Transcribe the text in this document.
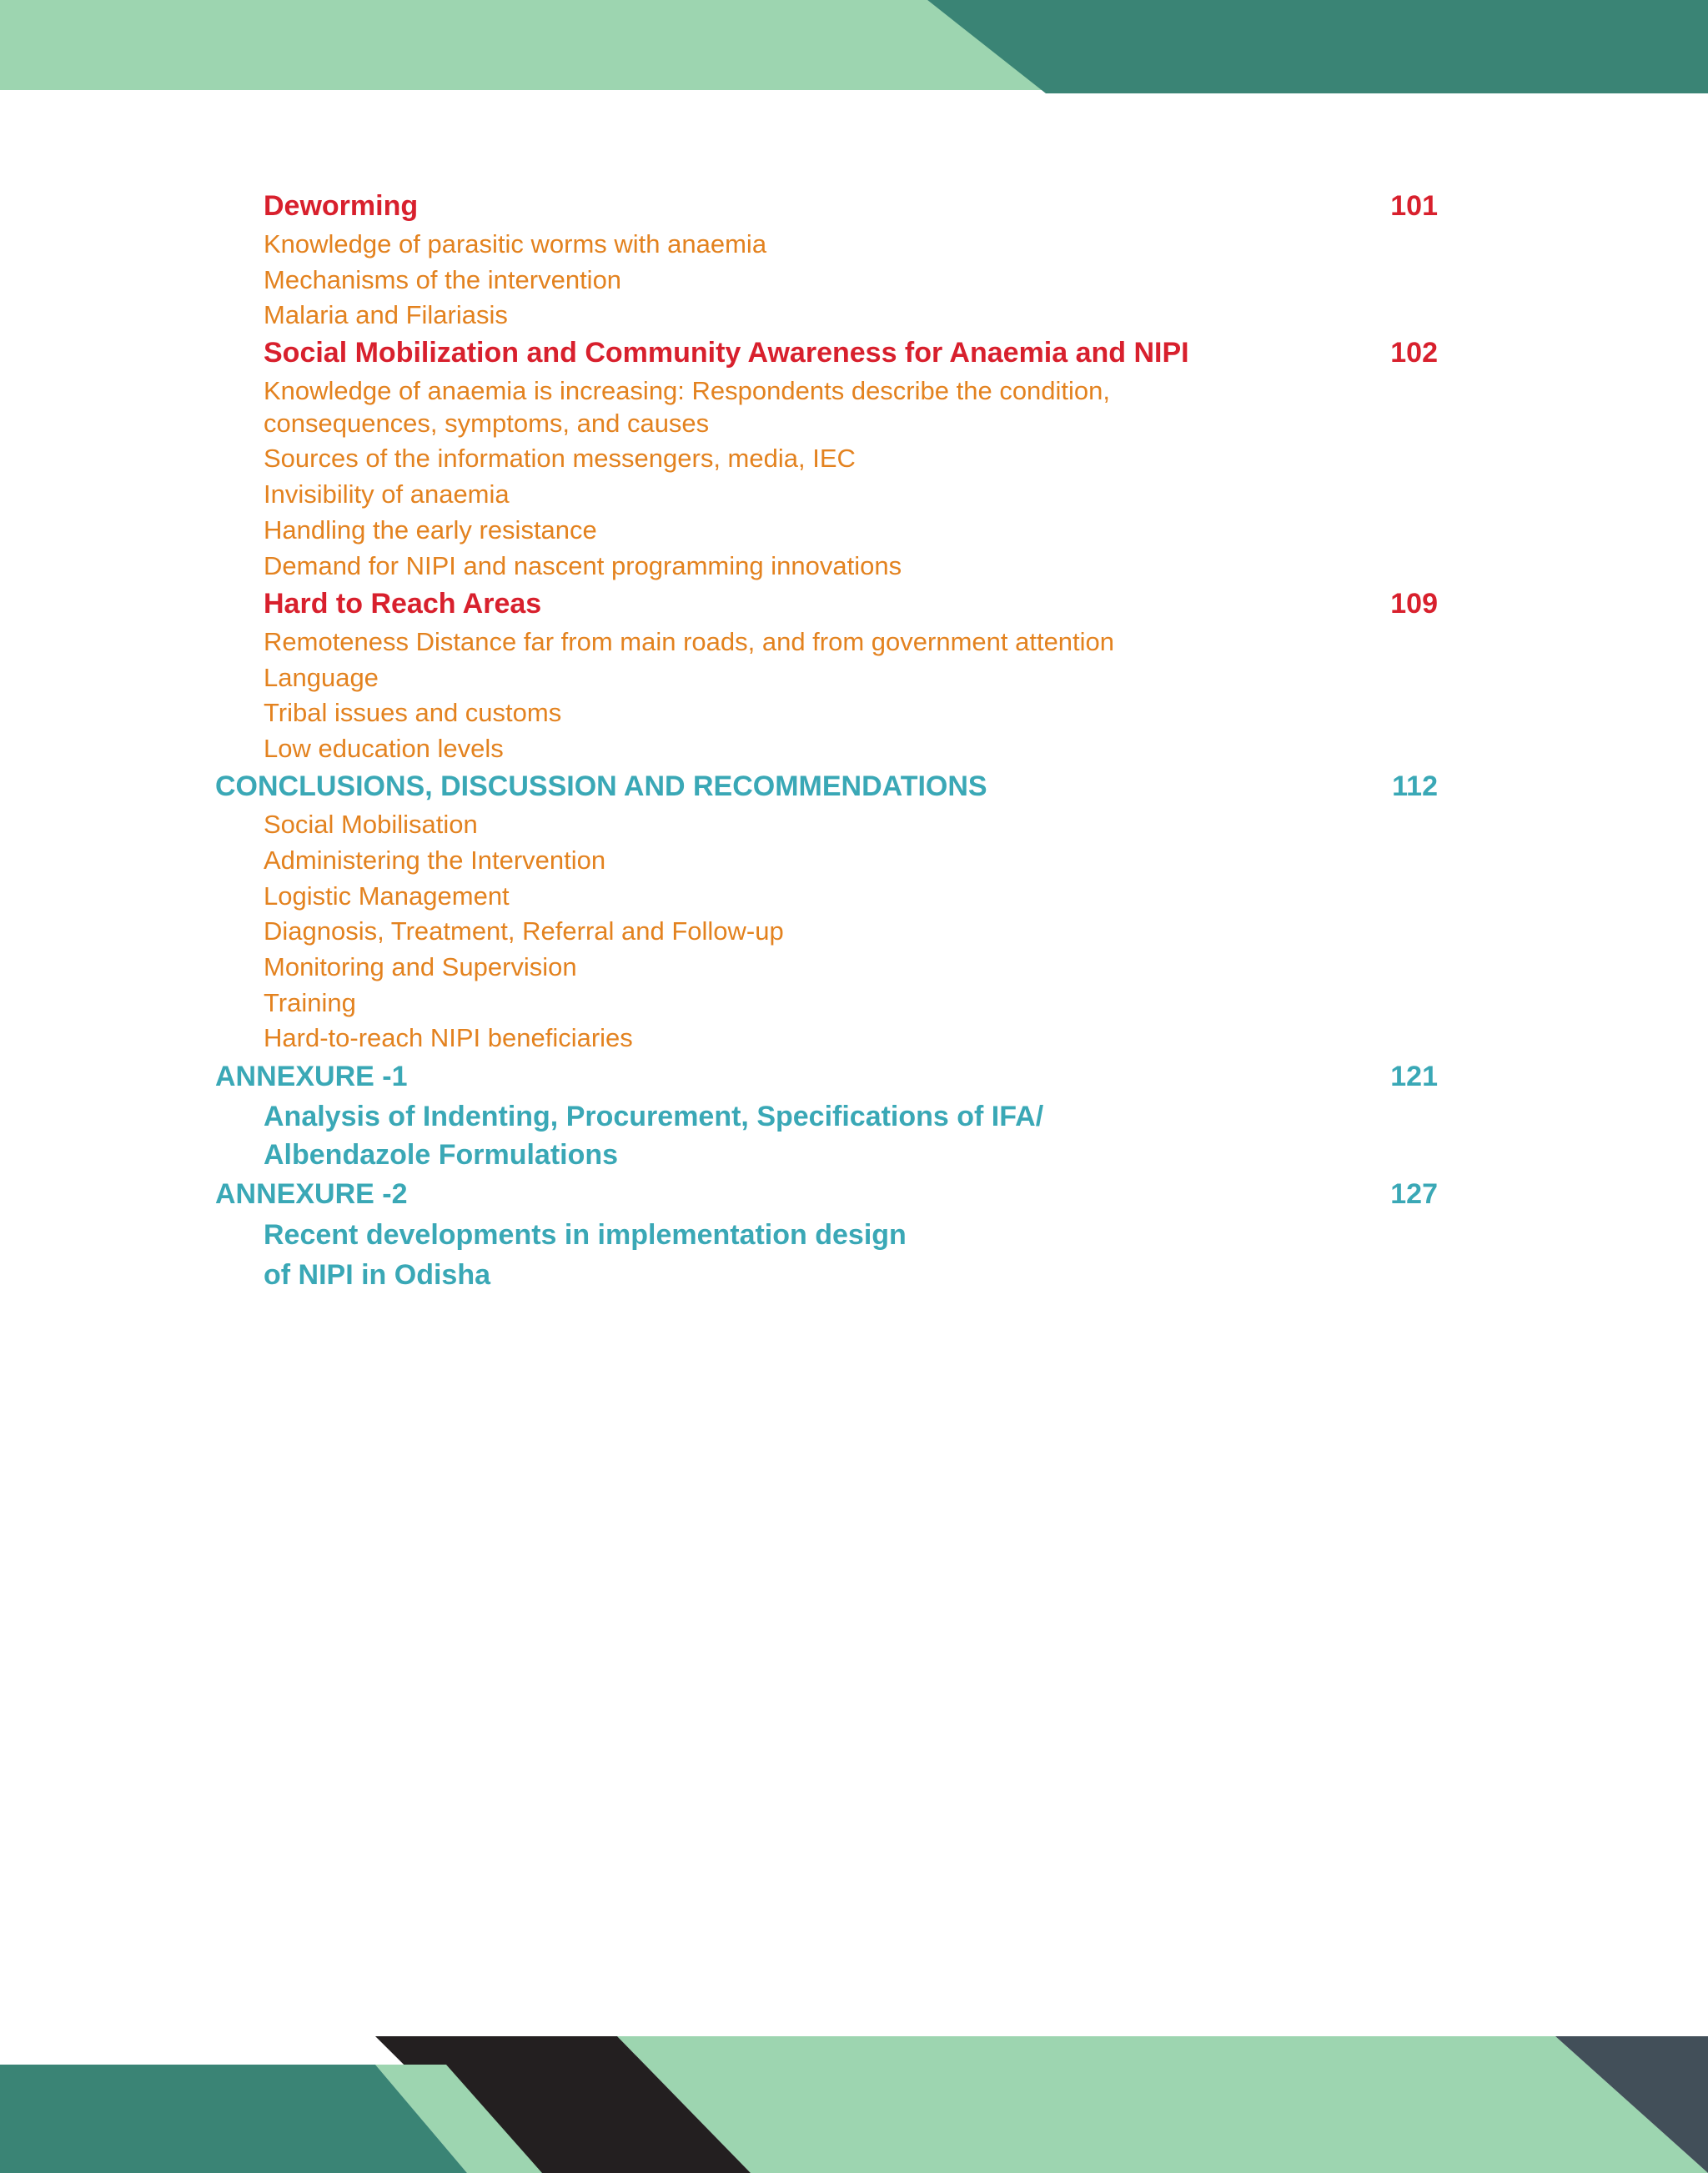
Deworming	101
Knowledge of parasitic worms with anaemia
Mechanisms of the intervention
Malaria and Filariasis
Social Mobilization and Community Awareness for Anaemia and NIPI	102
Knowledge of anaemia is increasing: Respondents describe the condition,
consequences, symptoms, and causes
Sources of the information messengers, media, IEC
Invisibility of anaemia
Handling the early resistance
Demand for NIPI and nascent programming innovations
Hard to Reach Areas	109
Remoteness Distance far from main roads, and from government attention
Language
Tribal issues and customs
Low education levels
CONCLUSIONS, DISCUSSION AND RECOMMENDATIONS	112
Social Mobilisation
Administering the Intervention
Logistic Management
Diagnosis, Treatment, Referral and Follow-up
Monitoring and Supervision
Training
Hard-to-reach NIPI beneficiaries
ANNEXURE -1	121
Analysis of Indenting, Procurement, Specifications of IFA/
Albendazole Formulations
ANNEXURE -2	127
Recent developments in implementation design
of NIPI in Odisha
